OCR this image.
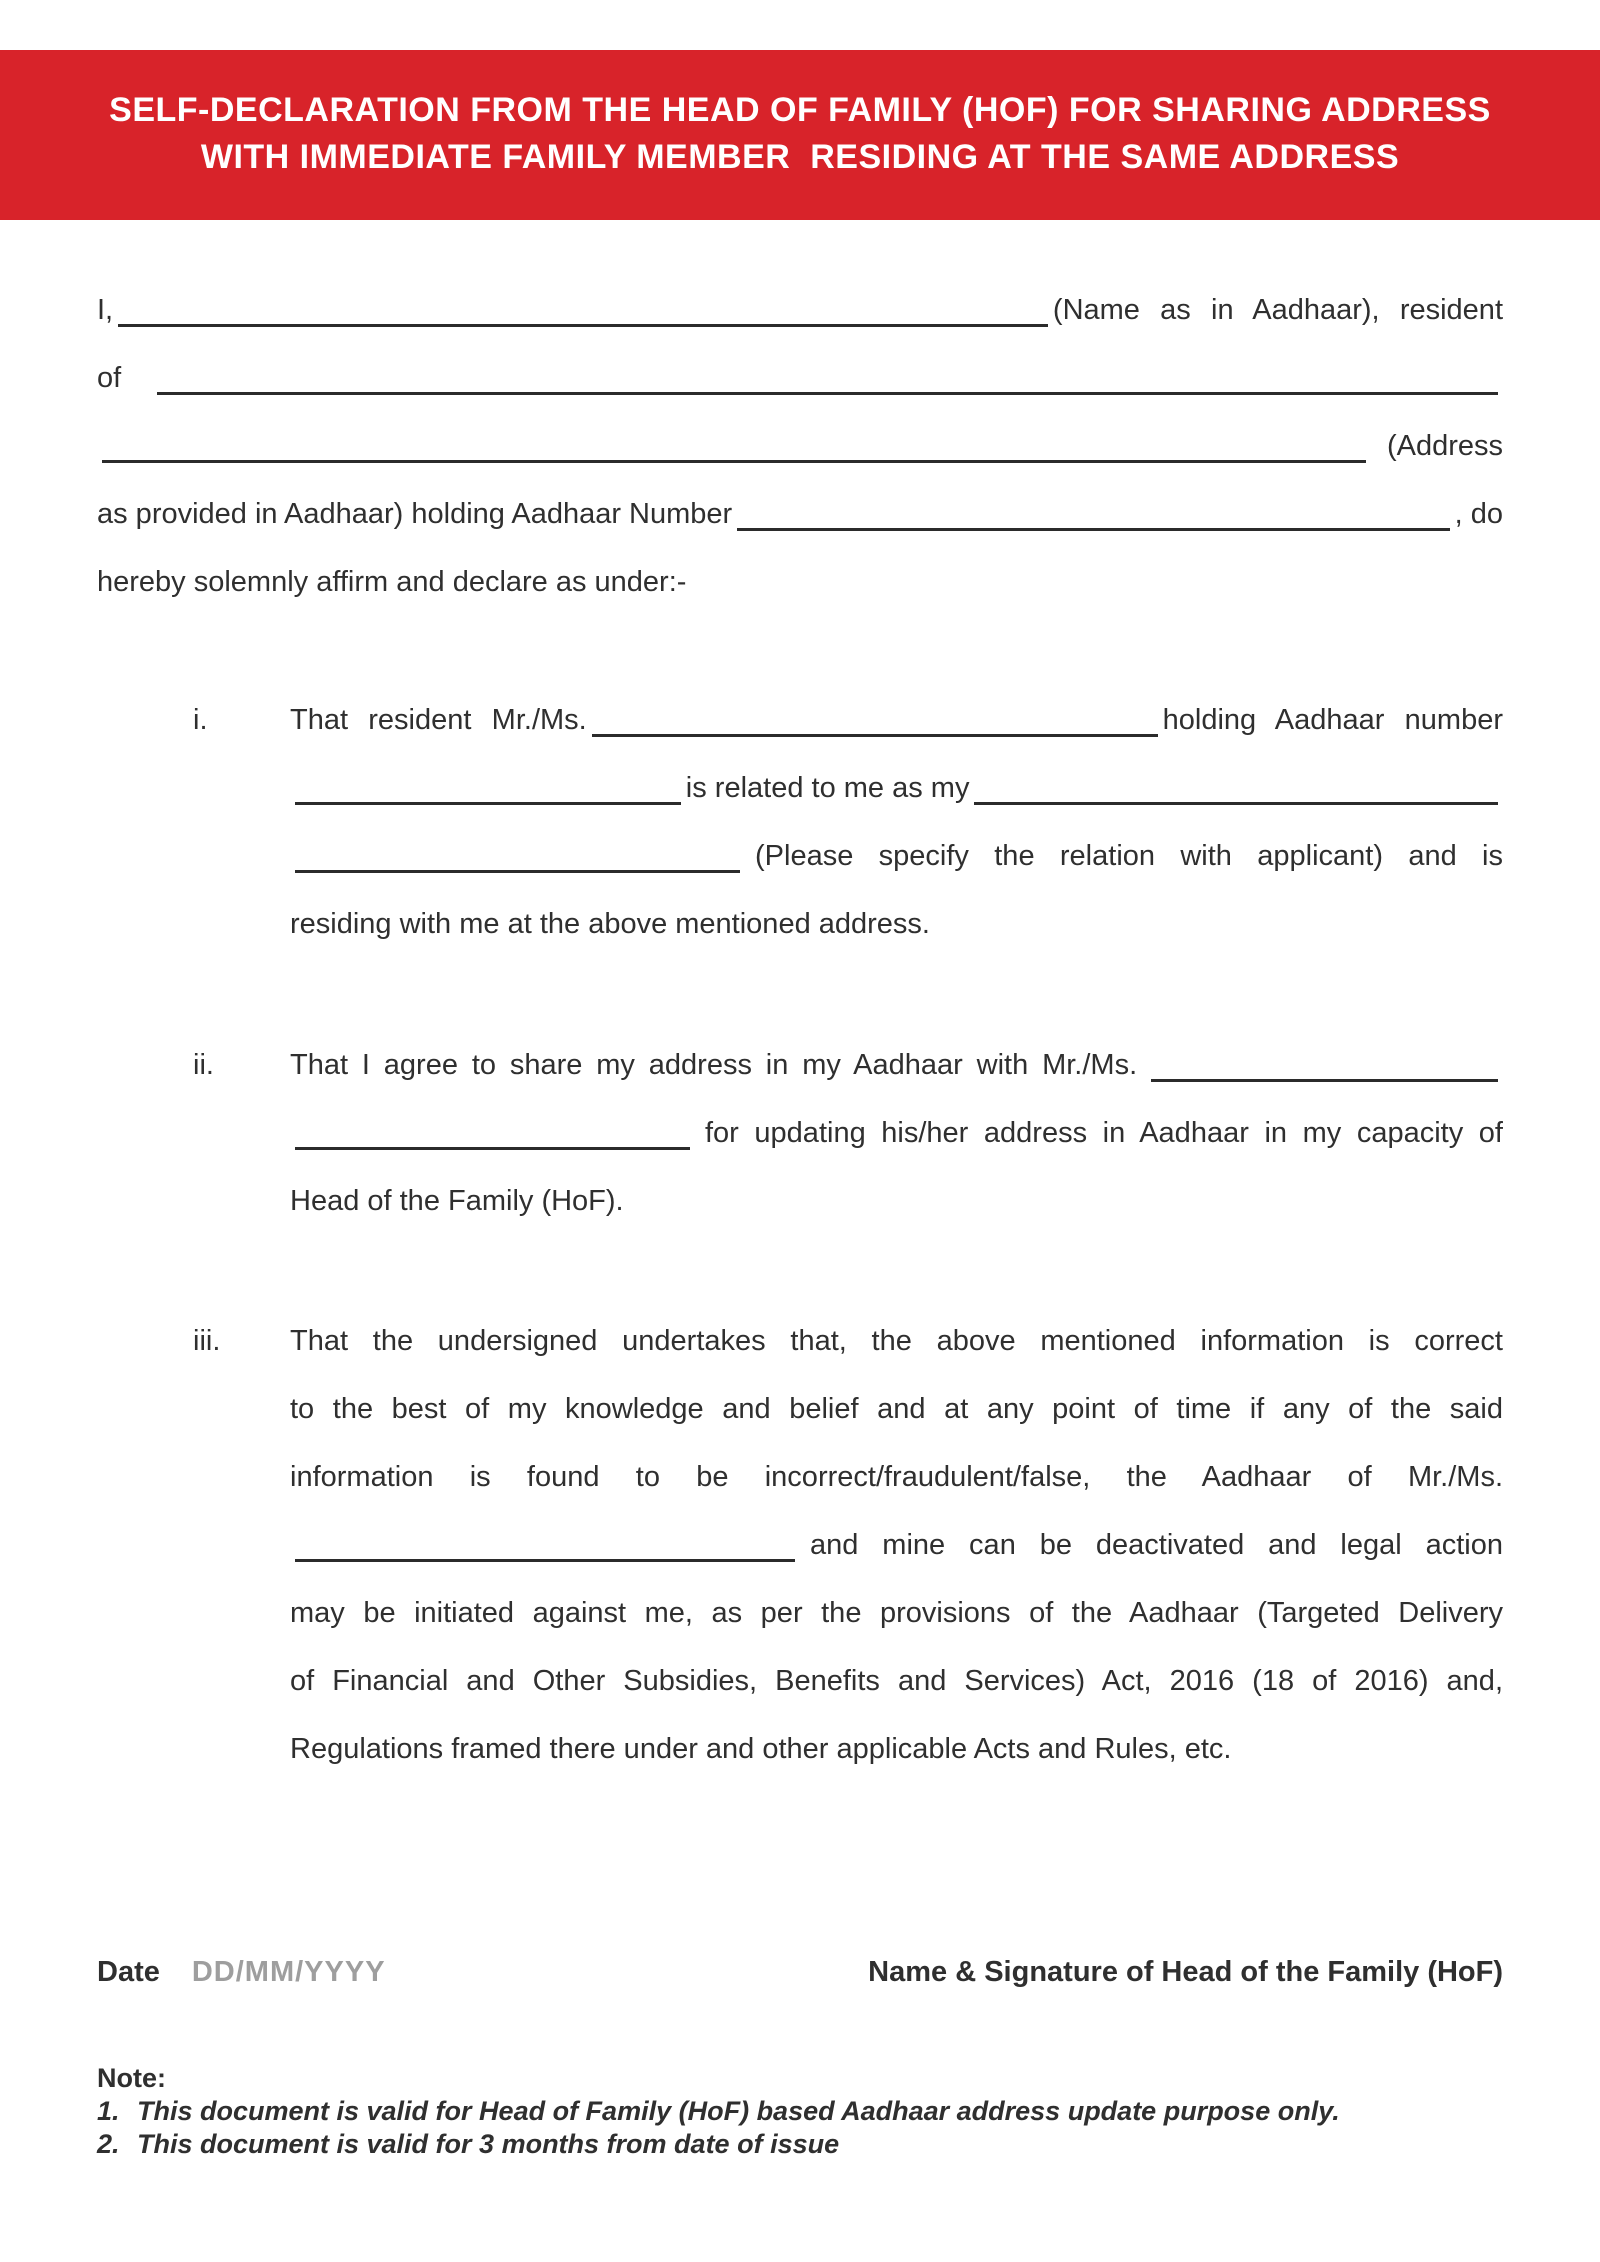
SELF-DECLARATION FROM THE HEAD OF FAMILY (HOF) FOR SHARING ADDRESS
WITH IMMEDIATE FAMILY MEMBER  RESIDING AT THE SAME ADDRESS
I,	(Name as in Aadhaar), resident
of
(Address
as provided in Aadhaar) holding Aadhaar Number	, do
hereby solemnly affirm and declare as under:-
i.	That resident Mr./Ms.	holding Aadhaar number
is related to me as my
(Please specify the relation with applicant) and is
residing with me at the above mentioned address.
ii.	That I agree to share my address in my Aadhaar with Mr./Ms.
for updating his/her address in Aadhaar in my capacity of
Head of the Family (HoF).
iii. That the undersigned undertakes that, the above mentioned information is correct
to the best of my knowledge and belief and at any point of time if any of the said
information is found to be incorrect/fraudulent/false, the Aadhaar of Mr./Ms.
and mine can be deactivated and legal action
may be initiated against me, as per the provisions of the Aadhaar (Targeted Delivery
of Financial and Other Subsidies, Benefits and Services) Act, 2016 (18 of 2016) and,
Regulations framed there under and other applicable Acts and Rules, etc.
Date DD/MM/YYYY	Name & Signature of Head of the Family (HoF)
Note:
1. This document is valid for Head of Family (HoF) based Aadhaar address update purpose only.
2. This document is valid for 3 months from date of issue
